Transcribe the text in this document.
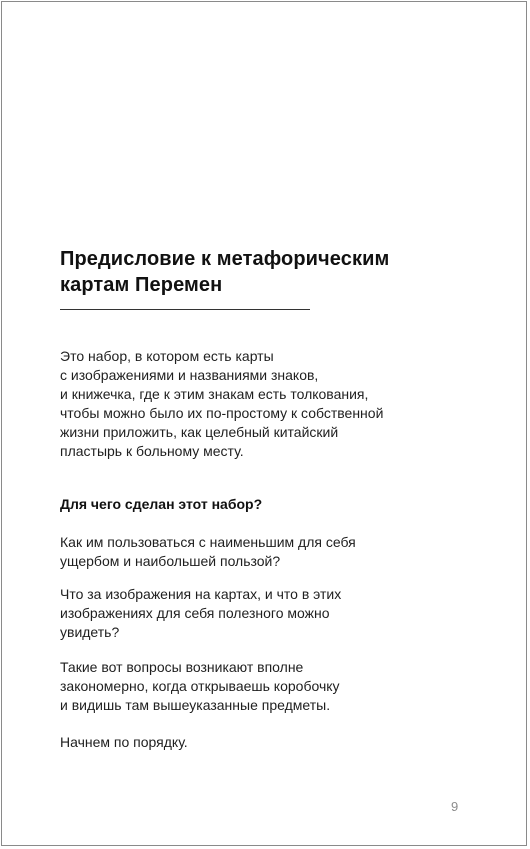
Предисловие к метафорическим
картам Перемен
Это набор, в котором есть карты
с изображениями и названиями знаков,
и книжечка, где к этим знакам есть толкования,
чтобы можно было их по-простому к собственной
жизни приложить, как целебный китайский
пластырь к больному месту.
Для чего сделан этот набор?
Как им пользоваться с наименьшим для себя
ущербом и наибольшей пользой?
Что за изображения на картах, и что в этих
изображениях для себя полезного можно
увидеть?
Такие вот вопросы возникают вполне
закономерно, когда открываешь коробочку
и видишь там вышеуказанные предметы.
Начнем по порядку.
9
